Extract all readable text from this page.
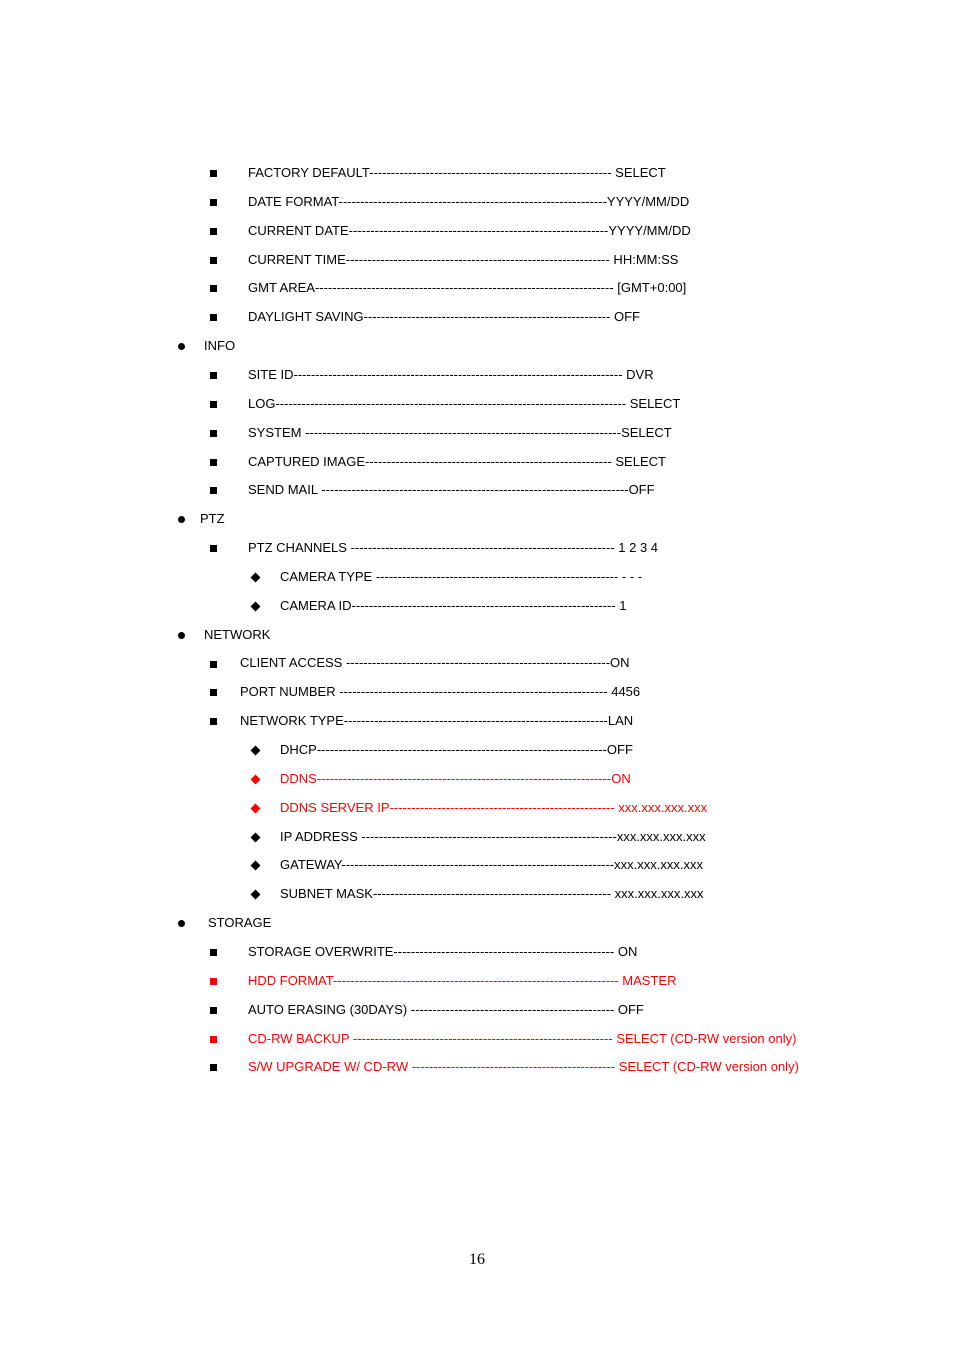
FACTORY DEFAULT-------------------------------------------------------- SELECT
DATE FORMAT--------------------------------------------------------------YYYY/MM/DD
CURRENT DATE------------------------------------------------------------YYYY/MM/DD
CURRENT TIME------------------------------------------------------------- HH:MM:SS
GMT AREA--------------------------------------------------------------------- [GMT+0:00]
DAYLIGHT SAVING--------------------------------------------------------- OFF
INFO
SITE ID---------------------------------------------------------------------------- DVR
LOG--------------------------------------------------------------------------------- SELECT
SYSTEM -------------------------------------------------------------------------SELECT
CAPTURED IMAGE--------------------------------------------------------- SELECT
SEND MAIL -----------------------------------------------------------------------OFF
PTZ
PTZ CHANNELS ------------------------------------------------------------- 1 2 3 4
CAMERA TYPE -------------------------------------------------------- - - -
CAMERA ID------------------------------------------------------------- 1
NETWORK
CLIENT ACCESS -------------------------------------------------------------ON
PORT NUMBER -------------------------------------------------------------- 4456
NETWORK TYPE-------------------------------------------------------------LAN
DHCP-------------------------------------------------------------------OFF
DDNS--------------------------------------------------------------------ON
DDNS SERVER IP---------------------------------------------------- xxx.xxx.xxx.xxx
IP ADDRESS -----------------------------------------------------------xxx.xxx.xxx.xxx
GATEWAY---------------------------------------------------------------xxx.xxx.xxx.xxx
SUBNET MASK------------------------------------------------------- xxx.xxx.xxx.xxx
STORAGE
STORAGE OVERWRITE--------------------------------------------------- ON
HDD FORMAT------------------------------------------------------------------ MASTER
AUTO ERASING (30DAYS) ----------------------------------------------- OFF
CD-RW BACKUP ------------------------------------------------------------ SELECT (CD-RW version only)
S/W UPGRADE W/ CD-RW ----------------------------------------------- SELECT (CD-RW version only)
16
